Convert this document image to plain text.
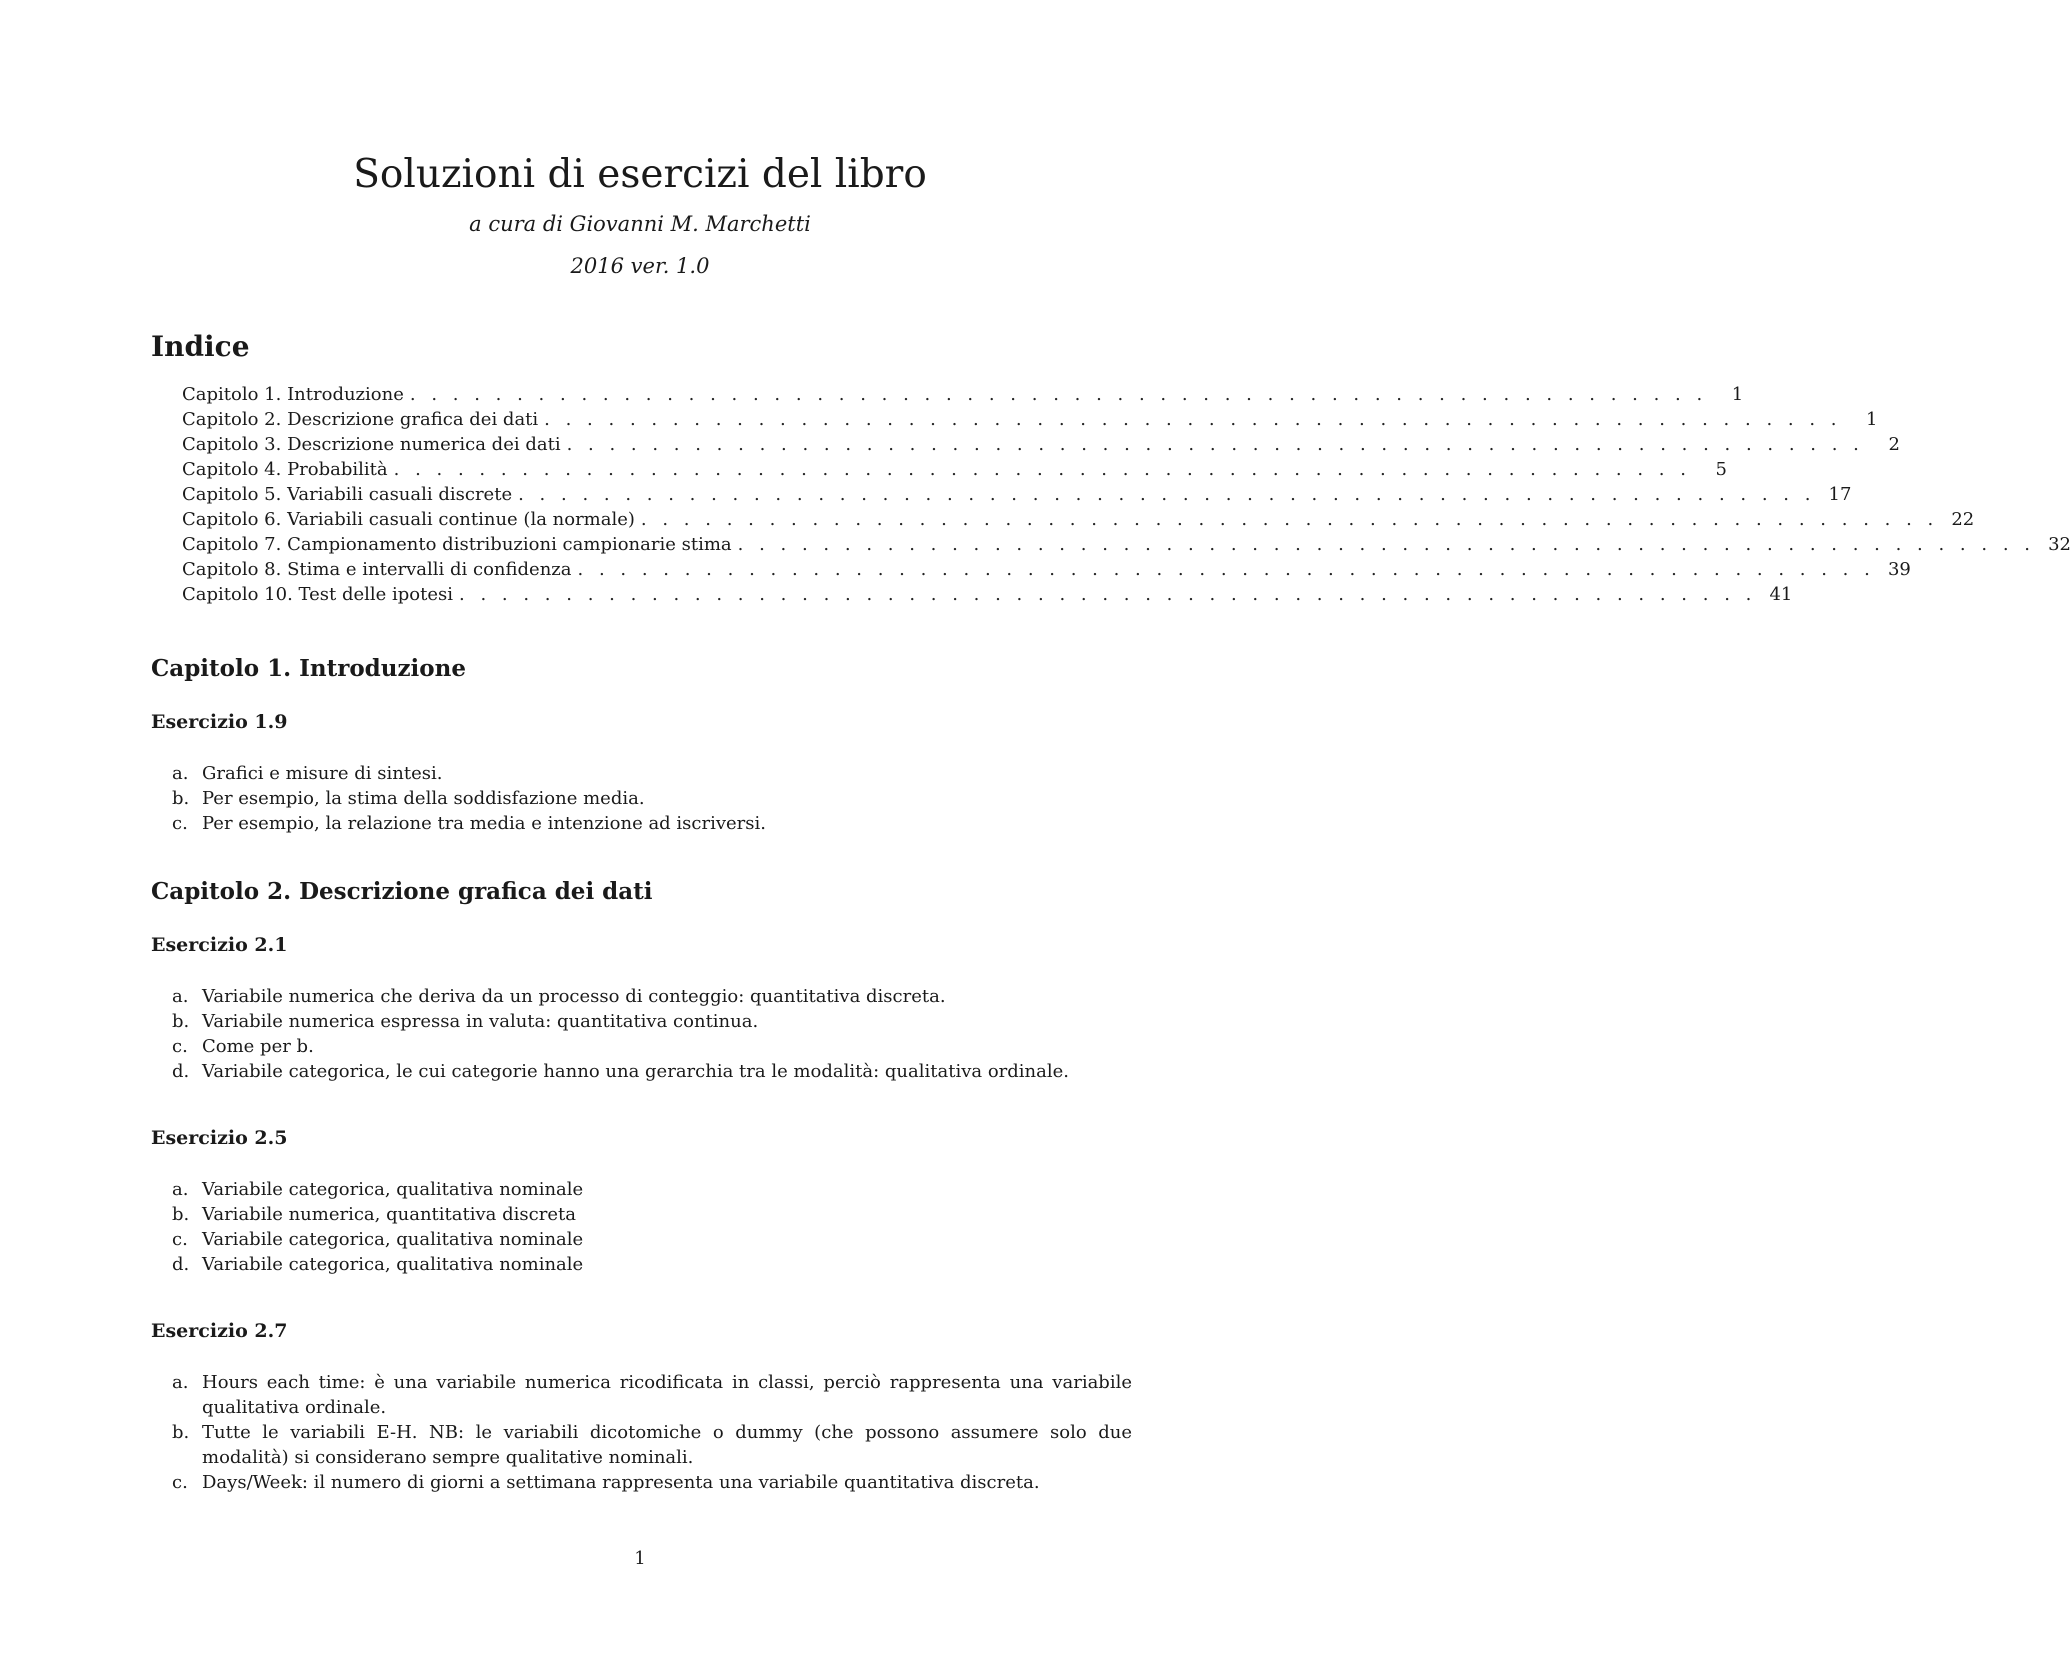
Soluzioni di esercizi del libro

a cura di Giovanni M. Marchetti

2016 ver. 1.0

Indice
Capitolo 1. Introduzione . . . . . . . . . . . . . . . . . . . . . . . . . . . . . . . . . . . . . . . . . . . . . . . . . . . . . . . . . . . . .	1
Capitolo 2. Descrizione grafica dei dati . . . . . . . . . . . . . . . . . . . . . . . . . . . . . . . . . . . . . . . . . . . . . . . . . . . . . . . . . . . . .	1
Capitolo 3. Descrizione numerica dei dati . . . . . . . . . . . . . . . . . . . . . . . . . . . . . . . . . . . . . . . . . . . . . . . . . . . . . . . . . . . . .	2
Capitolo 4. Probabilità . . . . . . . . . . . . . . . . . . . . . . . . . . . . . . . . . . . . . . . . . . . . . . . . . . . . . . . . . . . . .	5
Capitolo 5. Variabili casuali discrete . . . . . . . . . . . . . . . . . . . . . . . . . . . . . . . . . . . . . . . . . . . . . . . . . . . . . . . . . . . . . 17
Capitolo 6. Variabili casuali continue (la normale) . . . . . . . . . . . . . . . . . . . . . . . . . . . . . . . . . . . . . . . . . . . . . . . . . . . . . . . . . . . . . 22
Capitolo 7. Campionamento distribuzioni campionarie stima . . . . . . . . . . . . . . . . . . . . . . . . . . . . . . . . . . . . . . . . . . . . . . . . . . . . . . . . . . . . . 32
Capitolo 8. Stima e intervalli di confidenza . . . . . . . . . . . . . . . . . . . . . . . . . . . . . . . . . . . . . . . . . . . . . . . . . . . . . . . . . . . . . 39
Capitolo 10. Test delle ipotesi . . . . . . . . . . . . . . . . . . . . . . . . . . . . . . . . . . . . . . . . . . . . . . . . . . . . . . . . . . . . . 41
Capitolo 1. Introduzione
Esercizio 1.9
a. Grafici e misure di sintesi.
b. Per esempio, la stima della soddisfazione media.
c. Per esempio, la relazione tra media e intenzione ad iscriversi.
Capitolo 2. Descrizione grafica dei dati
Esercizio 2.1
a. Variabile numerica che deriva da un processo di conteggio: quantitativa discreta.
b. Variabile numerica espressa in valuta: quantitativa continua.
c. Come per b.
d. Variabile categorica, le cui categorie hanno una gerarchia tra le modalità: qualitativa ordinale.
Esercizio 2.5
a. Variabile categorica, qualitativa nominale
b. Variabile numerica, quantitativa discreta
c. Variabile categorica, qualitativa nominale
d. Variabile categorica, qualitativa nominale
Esercizio 2.7
a. Hours each time: è una variabile numerica ricodificata in classi, perciò rappresenta una variabile qualitativa ordinale.
b. Tutte le variabili E-H. NB: le variabili dicotomiche o dummy (che possono assumere solo due modalità) si considerano sempre qualitative nominali.
c. Days/Week: il numero di giorni a settimana rappresenta una variabile quantitativa discreta.

1
